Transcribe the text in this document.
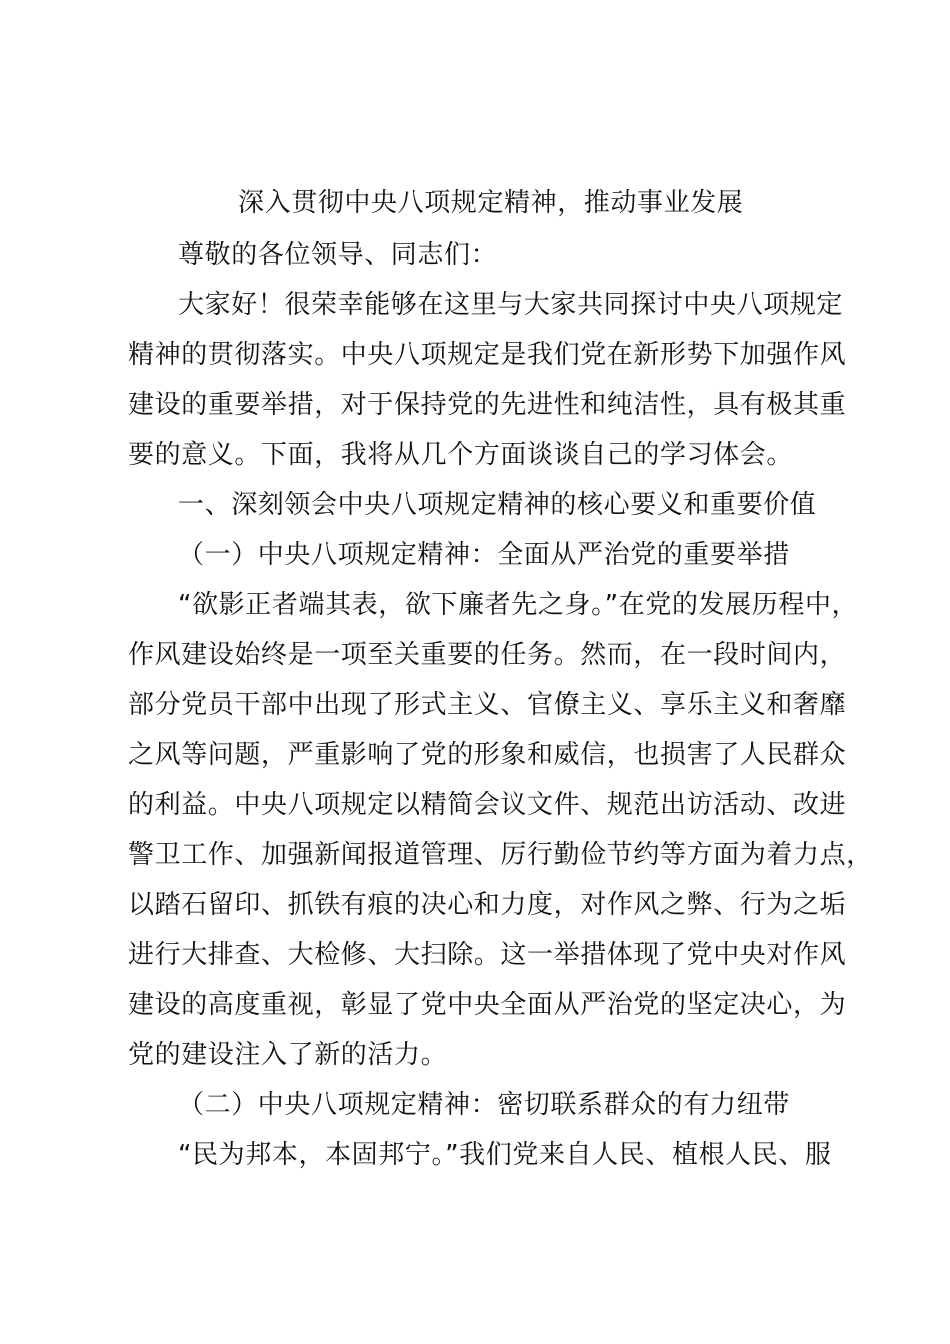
深入贯彻中央八项规定精神，推动事业发展
尊敬的各位领导、同志们：
大家好！很荣幸能够在这里与大家共同探讨中央八项规定
精神的贯彻落实。中央八项规定是我们党在新形势下加强作风
建设的重要举措，对于保持党的先进性和纯洁性，具有极其重
要的意义。下面，我将从几个方面谈谈自己的学习体会。
一、深刻领会中央八项规定精神的核心要义和重要价值
（一）中央八项规定精神：全面从严治党的重要举措
“欲影正者端其表，欲下廉者先之身。”在党的发展历程中，
作风建设始终是一项至关重要的任务。然而，在一段时间内，
部分党员干部中出现了形式主义、官僚主义、享乐主义和奢靡
之风等问题，严重影响了党的形象和威信，也损害了人民群众
的利益。中央八项规定以精简会议文件、规范出访活动、改进
警卫工作、加强新闻报道管理、厉行勤俭节约等方面为着力点，
以踏石留印、抓铁有痕的决心和力度，对作风之弊、行为之垢
进行大排查、大检修、大扫除。这一举措体现了党中央对作风
建设的高度重视，彰显了党中央全面从严治党的坚定决心，为
党的建设注入了新的活力。
（二）中央八项规定精神：密切联系群众的有力纽带
“民为邦本，本固邦宁。”我们党来自人民、植根人民、服
